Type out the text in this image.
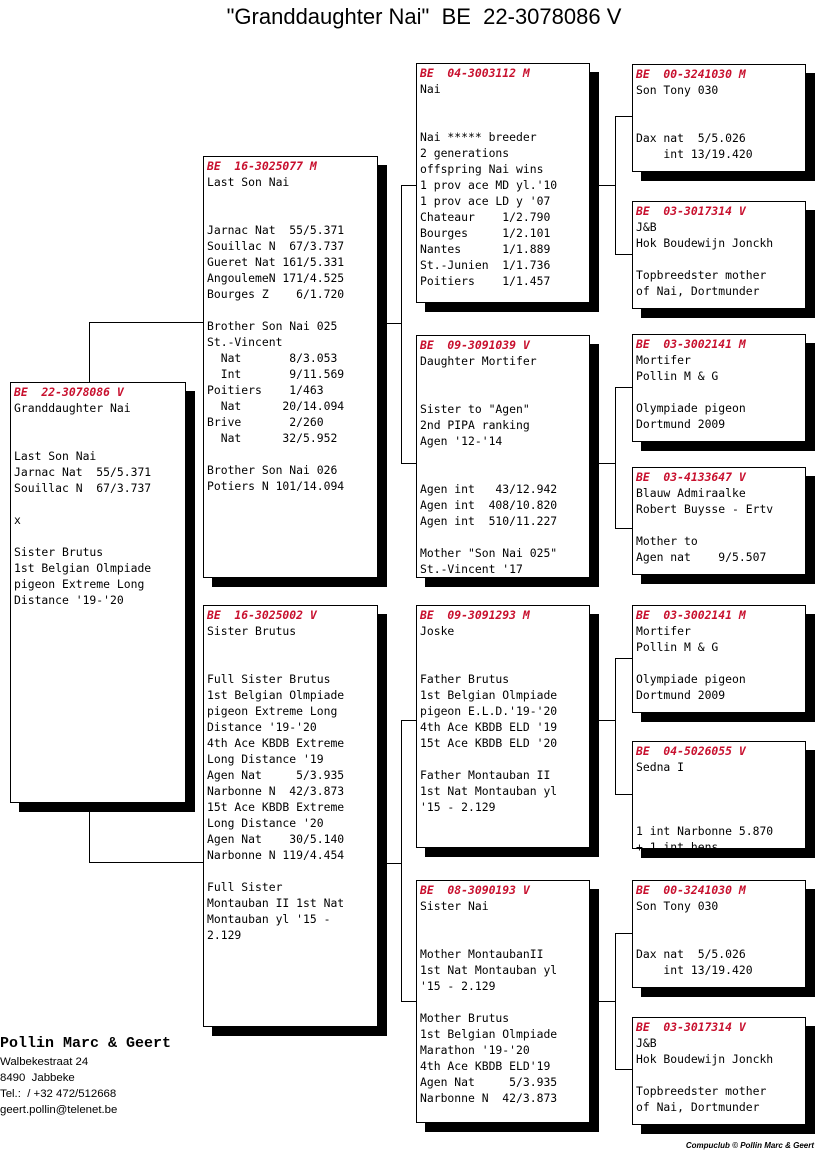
"Granddaughter Nai"  BE  22-3078086 V
BE  22-3078086 V
Granddaughter Nai
Last Son Nai
Jarnac Nat  55/5.371
Souillac N  67/3.737
x
Sister Brutus
1st Belgian Olmpiade
pigeon Extreme Long
Distance '19-'20
BE  16-3025077 M
Last Son Nai
Jarnac Nat  55/5.371
Souillac N  67/3.737
Gueret Nat 161/5.331
AngoulemeN 171/4.525
Bourges Z    6/1.720
Brother Son Nai 025
St.-Vincent
Nat       8/3.053
Int       9/11.569
Poitiers    1/463
Nat      20/14.094
Brive       2/260
Nat      32/5.952
Brother Son Nai 026
Potiers N 101/14.094
BE  16-3025002 V
Sister Brutus
Full Sister Brutus
1st Belgian Olmpiade
pigeon Extreme Long
Distance '19-'20
4th Ace KBDB Extreme
Long Distance '19
Agen Nat     5/3.935
Narbonne N  42/3.873
15t Ace KBDB Extreme
Long Distance '20
Agen Nat    30/5.140
Narbonne N 119/4.454
Full Sister
Montauban II 1st Nat
Montauban yl '15 -
2.129
BE  04-3003112 M
Nai
Nai ***** breeder
2 generations
offspring Nai wins
1 prov ace MD yl.'10
1 prov ace LD y '07
Chateaur    1/2.790
Bourges     1/2.101
Nantes      1/1.889
St.-Junien  1/1.736
Poitiers    1/1.457
BE  09-3091039 V
Daughter Mortifer
Sister to "Agen"
2nd PIPA ranking
Agen '12-'14
Agen int   43/12.942
Agen int  408/10.820
Agen int  510/11.227
Mother "Son Nai 025"
St.-Vincent '17
BE  09-3091293 M
Joske
Father Brutus
1st Belgian Olmpiade
pigeon E.L.D.'19-'20
4th Ace KBDB ELD '19
15t Ace KBDB ELD '20
Father Montauban II
1st Nat Montauban yl
'15 - 2.129
BE  08-3090193 V
Sister Nai
Mother MontaubanII
1st Nat Montauban yl
'15 - 2.129
Mother Brutus
1st Belgian Olmpiade
Marathon '19-'20
4th Ace KBDB ELD'19
Agen Nat     5/3.935
Narbonne N  42/3.873
BE  00-3241030 M
Son Tony 030
Dax nat  5/5.026
int 13/19.420
BE  03-3017314 V
J&B
Hok Boudewijn Jonckh
Topbreedster mother
of Nai, Dortmunder
BE  03-3002141 M
Mortifer
Pollin M & G
Olympiade pigeon
Dortmund 2009
BE  03-4133647 V
Blauw Admiraalke
Robert Buysse - Ertv
Mother to
Agen nat    9/5.507
BE  03-3002141 M
Mortifer
Pollin M & G
Olympiade pigeon
Dortmund 2009
BE  04-5026055 V
Sedna I
1 int Narbonne 5.870
+ 1 int hens
BE  00-3241030 M
Son Tony 030
Dax nat  5/5.026
int 13/19.420
BE  03-3017314 V
J&B
Hok Boudewijn Jonckh
Topbreedster mother
of Nai, Dortmunder
Pollin Marc & Geert
Walbekestraat 24
8490  Jabbeke
Tel.:  / +32 472/512668
geert.pollin@telenet.be
Compuclub © Pollin Marc & Geert
